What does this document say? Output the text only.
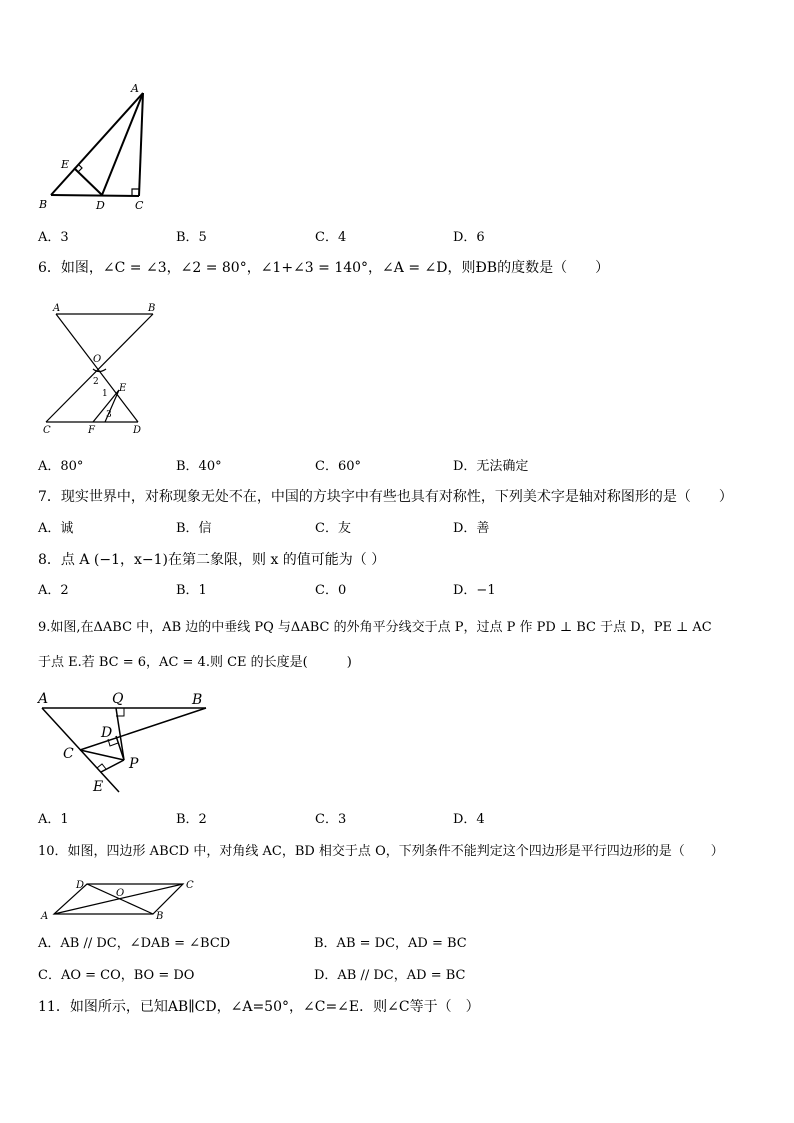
A
E
B	D	C
A．3	B．5	C．4	D．6
6．如图，∠C = ∠3，∠2 = 80°，∠1+∠3 = 140°，∠A = ∠D，则ÐB的度数是（　　）
A	B
O
2
E
1
3
C	F	D
A．80°	B．40°	C．60°	D．无法确定
7．现实世界中，对称现象无处不在，中国的方块字中有些也具有对称性，下列美术字是轴对称图形的是（　　）
A．诚	B．信	C．友	D．善
8．点 A (−1，x−1)在第二象限，则 x 的值可能为（ ）
A．2	B．1	C．0	D．−1
9.如图,在ΔABC 中，AB 边的中垂线 PQ 与ΔABC 的外角平分线交于点 P，过点 P 作 PD ⊥ BC 于点 D，PE ⊥ AC
于点 E.若 BC = 6，AC = 4.则 CE 的长度是(　　　)
A	Q	B
D
C
P
E
A．1	B．2	C．3	D．4
10．如图，四边形 ABCD 中，对角线 AC，BD 相交于点 O，下列条件不能判定这个四边形是平行四边形的是（　　）
A	B
C
D
O
A．AB // DC，∠DAB = ∠BCD	B．AB = DC，AD = BC
C．AO = CO，BO = DO	D．AB // DC，AD = BC
11．如图所示，已知AB∥CD，∠A=50°，∠C=∠E．则∠C等于（　）
